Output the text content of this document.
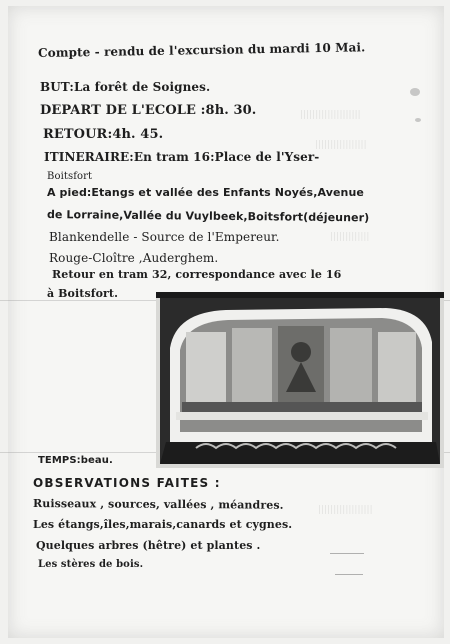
||||||||||||||||||||
|||||||||||||||||
|||||||||||||
||||||||||||||||||
Compte - rendu de l'excursion du mardi 10 Mai.
BUT:La forêt de Soignes.
DEPART DE L'ECOLE :8h. 30.
RETOUR:4h. 45.
ITINERAIRE:En tram 16:Place de l'Yser-
Boitsfort
A pied:Etangs et vallée des Enfants Noyés,Avenue
de Lorraine,Vallée du Vuylbeek,Boitsfort(déjeuner)
Blankendelle - Source de l'Empereur.
Rouge-Cloître ,Auderghem.
Retour en tram 32, correspondance avec le 16
à Boitsfort.
TEMPS:beau.
OBSERVATIONS FAITES :
Ruisseaux , sources, vallées , méandres.
Les étangs,îles,marais,canards et cygnes.
Quelques arbres (hêtre) et plantes .
Les stères de bois.
